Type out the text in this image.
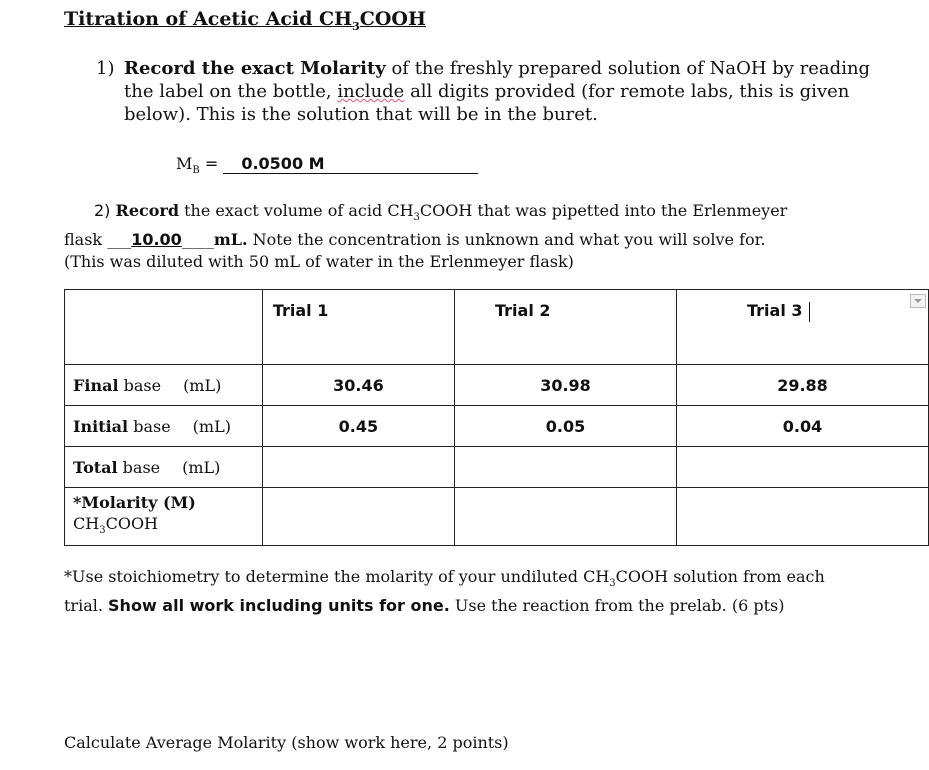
Titration of Acetic Acid $CH_3COOH$
1) Record the exact Molarity of the freshly prepared solution of NaOH by reading the label on the bottle, include all digits provided (for remote labs, this is given below). This is the solution that will be in the buret.
$M_B = 0.0500$ M
2) Record the exact volume of acid $CH_3COOH$ that was pipetted into the Erlenmeyer
flask ___10.00____mL. Note the concentration is unknown and what you will solve for.
(This was diluted with 50 mL of water in the Erlenmeyer flask)
	Trial 1	Trial 2	Trial 3

Final base (mL)	30.46	30.98	29.88
Initial base (mL)	0.45	0.05	0.04
Total base (mL)			
*Molarity (M)
$CH_3COOH$			
*Use stoichiometry to determine the molarity of your undiluted $CH_3COOH$ solution from each trial. Show all work including units for one. Use the reaction from the prelab. (6 pts)
Calculate Average Molarity (show work here, 2 points)
